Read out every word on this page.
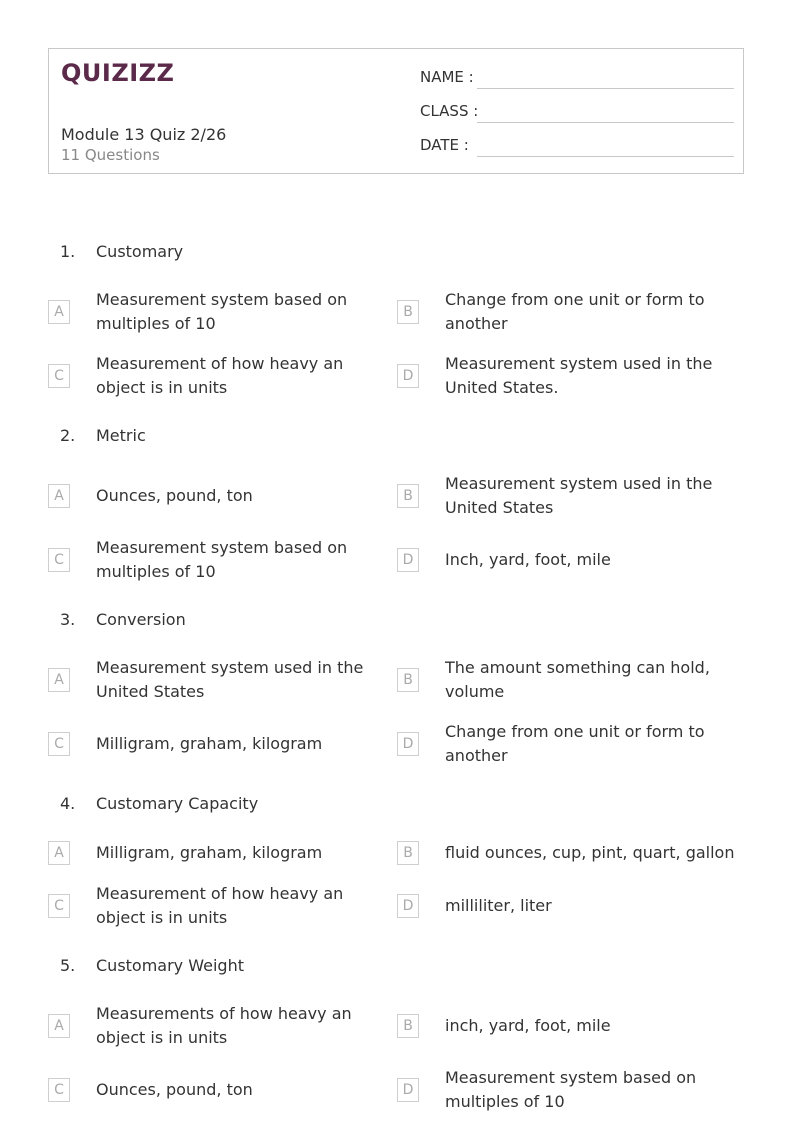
QUIZIZZ
Module 13 Quiz 2/26
11 Questions
NAME :
CLASS :
DATE :
1. Customary
A
Measurement system based on multiples of 10
B
Change from one unit or form to another
C
Measurement of how heavy an object is in units
D
Measurement system used in the United States.
2. Metric
A	Ounces, pound, ton	B
Measurement system used in the United States
C
Measurement system based on multiples of 10
D	Inch, yard, foot, mile
3. Conversion
A
Measurement system used in the United States
B
The amount something can hold, volume
C	Milligram, graham, kilogram	D
Change from one unit or form to another
4. Customary Capacity
A	Milligram, graham, kilogram	B	fluid ounces, cup, pint, quart, gallon
C
Measurement of how heavy an object is in units
D	milliliter, liter
5. Customary Weight
A
Measurements of how heavy an object is in units
B	inch, yard, foot, mile
C	Ounces, pound, ton	D
Measurement system based on multiples of 10
